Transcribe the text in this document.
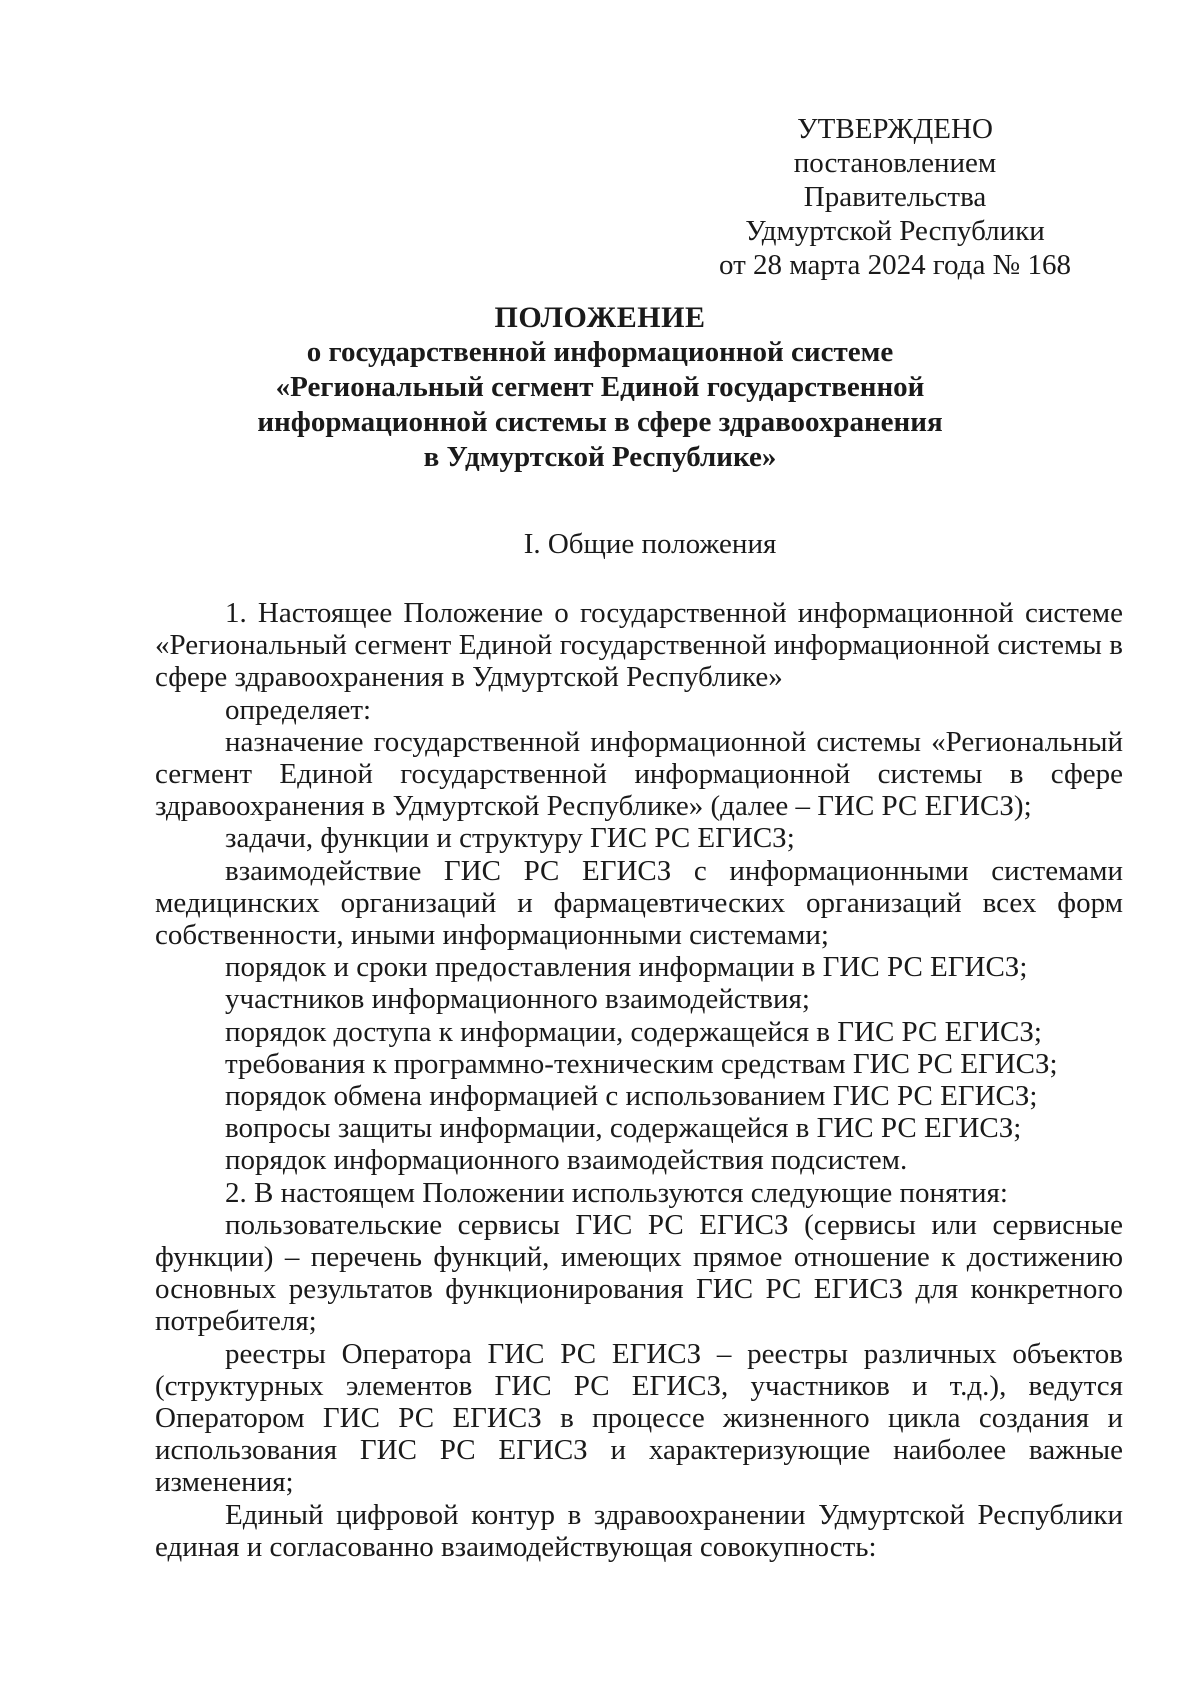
УТВЕРЖДЕНО
постановлением Правительства
Удмуртской Республики
от 28 марта 2024 года № 168
ПОЛОЖЕНИЕ
о государственной информационной системе
«Региональный сегмент Единой государственной
информационной системы в сфере здравоохранения
в Удмуртской Республике»
I. Общие положения

1. Настоящее Положение о государственной информационной системе «Региональный сегмент Единой государственной информационной системы в сфере здравоохранения в Удмуртской Республике»

определяет:

назначение государственной информационной системы «Региональный сегмент Единой государственной информационной системы в сфере здравоохранения в Удмуртской Республике» (далее – ГИС РС ЕГИСЗ);

задачи, функции и структуру ГИС РС ЕГИСЗ;

взаимодействие ГИС РС ЕГИСЗ с информационными системами медицинских организаций и фармацевтических организаций всех форм собственности, иными информационными системами;

порядок и сроки предоставления информации в ГИС РС ЕГИСЗ;

участников информационного взаимодействия;

порядок доступа к информации, содержащейся в ГИС РС ЕГИСЗ;

требования к программно-техническим средствам ГИС РС ЕГИСЗ;

порядок обмена информацией с использованием ГИС РС ЕГИСЗ;

вопросы защиты информации, содержащейся в ГИС РС ЕГИСЗ;

порядок информационного взаимодействия подсистем.

2. В настоящем Положении используются следующие понятия:

пользовательские сервисы ГИС РС ЕГИСЗ (сервисы или сервисные функции) – перечень функций, имеющих прямое отношение к достижению основных результатов функционирования ГИС РС ЕГИСЗ для конкретного потребителя;

реестры Оператора ГИС РС ЕГИСЗ – реестры различных объектов (структурных элементов ГИС РС ЕГИСЗ, участников и т.д.), ведутся Оператором ГИС РС ЕГИСЗ в процессе жизненного цикла создания и использования ГИС РС ЕГИСЗ и характеризующие наиболее важные изменения;

Единый цифровой контур в здравоохранении Удмуртской Республики единая и согласованно взаимодействующая совокупность:
